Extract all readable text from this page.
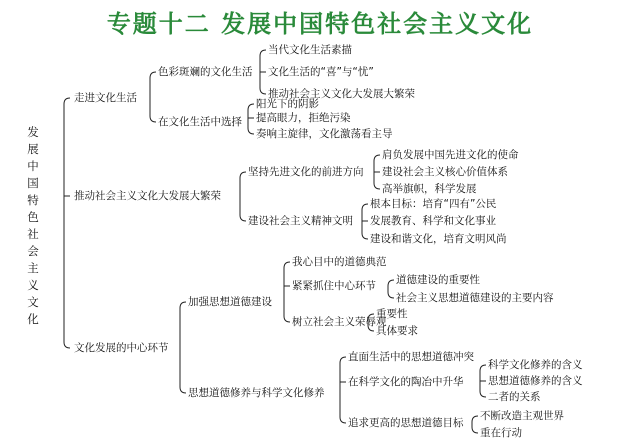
专题十二 发展中国特色社会主义文化
发展中国特色社会主义文化
走进文化生活
色彩斑斓的文化生活
当代文化生活素描
文化生活的“喜”与“忧”
推动社会主义文化大发展大繁荣
在文化生活中选择
阳光下的阴影
提高眼力，拒绝污染
奏响主旋律，文化激荡看主导
推动社会主义文化大发展大繁荣
坚持先进文化的前进方向
肩负发展中国先进文化的使命
建设社会主义核心价值体系
高举旗帜，科学发展
建设社会主义精神文明
根本目标：培育“四有”公民
发展教育、科学和文化事业
建设和谐文化，培育文明风尚
文化发展的中心环节
加强思想道德建设
我心目中的道德典范
紧紧抓住中心环节 道德建设的重要性
社会主义思想道德建设的主要内容
树立社会主义荣辱观
重要性
具体要求
思想道德修养与科学文化修养
直面生活中的思想道德冲突
在科学文化的陶冶中升华
科学文化修养的含义
思想道德修养的含义
二者的关系
追求更高的思想道德目标
不断改造主观世界
重在行动
